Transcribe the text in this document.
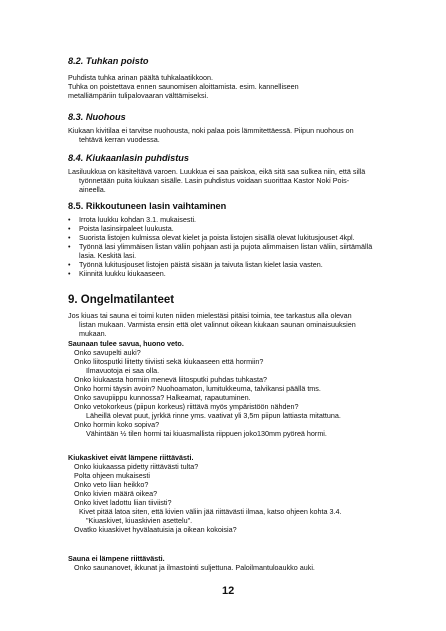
8.2. Tuhkan poisto
Puhdista tuhka arinan päältä tuhkalaatikkoon.
Tuhka on poistettava ennen saunomisen aloittamista. esim. kannelliseen
metalliämpäriin tulipalovaaran välttämiseksi.
8.3. Nuohous
Kiukaan kivitilaa ei tarvitse nuohousta, noki palaa pois lämmitettäessä. Piipun nuohous on
tehtävä kerran vuodessa.
8.4. Kiukaanlasin puhdistus
Lasiluukkua on käsiteltävä varoen. Luukkua ei saa paiskoa, eikä sitä saa sulkea niin, että sillä
työnnetään puita kiukaan sisälle. Lasin puhdistus voidaan suorittaa Kastor Noki Pois-
aineella.
8.5. Rikkoutuneen lasin vaihtaminen
• Irrota luukku kohdan 3.1. mukaisesti.
• Poista lasinsirpaleet luukusta.
• Suorista listojen kulmissa olevat kielet ja poista listojen sisällä olevat lukitusjouset 4kpl.
• Työnnä lasi ylimmäisen listan väliin pohjaan asti ja pujota alimmaisen listan väliin, siirtämällä lasia. Keskitä lasi.
• Työnnä lukitusjouset listojen päistä sisään ja taivuta listan kielet lasia vasten.
• Kiinnitä luukku kiukaaseen.
9. Ongelmatilanteet
Jos kiuas tai sauna ei toimi kuten niiden mielestäsi pitäisi toimia, tee tarkastus alla olevan
listan mukaan. Varmista ensin että olet valinnut oikean kiukaan saunan ominaisuuksien
mukaan.
Saunaan tulee savua, huono veto.
Onko savupelti auki?
Onko liitosputki liitetty tiiviisti sekä kiukaaseen että hormiin?
Ilmavuotoja ei saa olla.
Onko kiukaasta hormiin menevä liitosputki puhdas tuhkasta?
Onko hormi täysin avoin? Nuohoamaton, lumitukkeuma, talvikansi päällä tms.
Onko savupiippu kunnossa? Halkeamat, rapautuminen.
Onko vetokorkeus (piipun korkeus) riittävä myös ympäristöön nähden?
Läheillä olevat puut, jyrkkä rinne yms. vaativat yli 3,5m piipun lattiasta mitattuna.
Onko hormin koko sopiva?
Vähintään ½ tilen hormi tai kiuasmallista riippuen joko130mm pyöreä hormi.
Kiukaskivet eivät lämpene riittävästi.
Onko kiukaassa pidetty riittävästi tulta?
Polta ohjeen mukaisesti
Onko veto liian heikko?
Onko kivien määrä oikea?
Onko kivet ladottu liian tiiviisti?
Kivet pitää latoa siten, että kivien väliin jää riittävästi ilmaa, katso ohjeen kohta 3.4.
"Kiuaskivet, kiuaskivien asettelu".
Ovatko kiuaskivet hyvälaatuisia ja oikean kokoisia?
Sauna ei lämpene riittävästi.
Onko saunanovet, ikkunat ja ilmastointi suljettuna. Paloilmantuloaukko auki.
12
